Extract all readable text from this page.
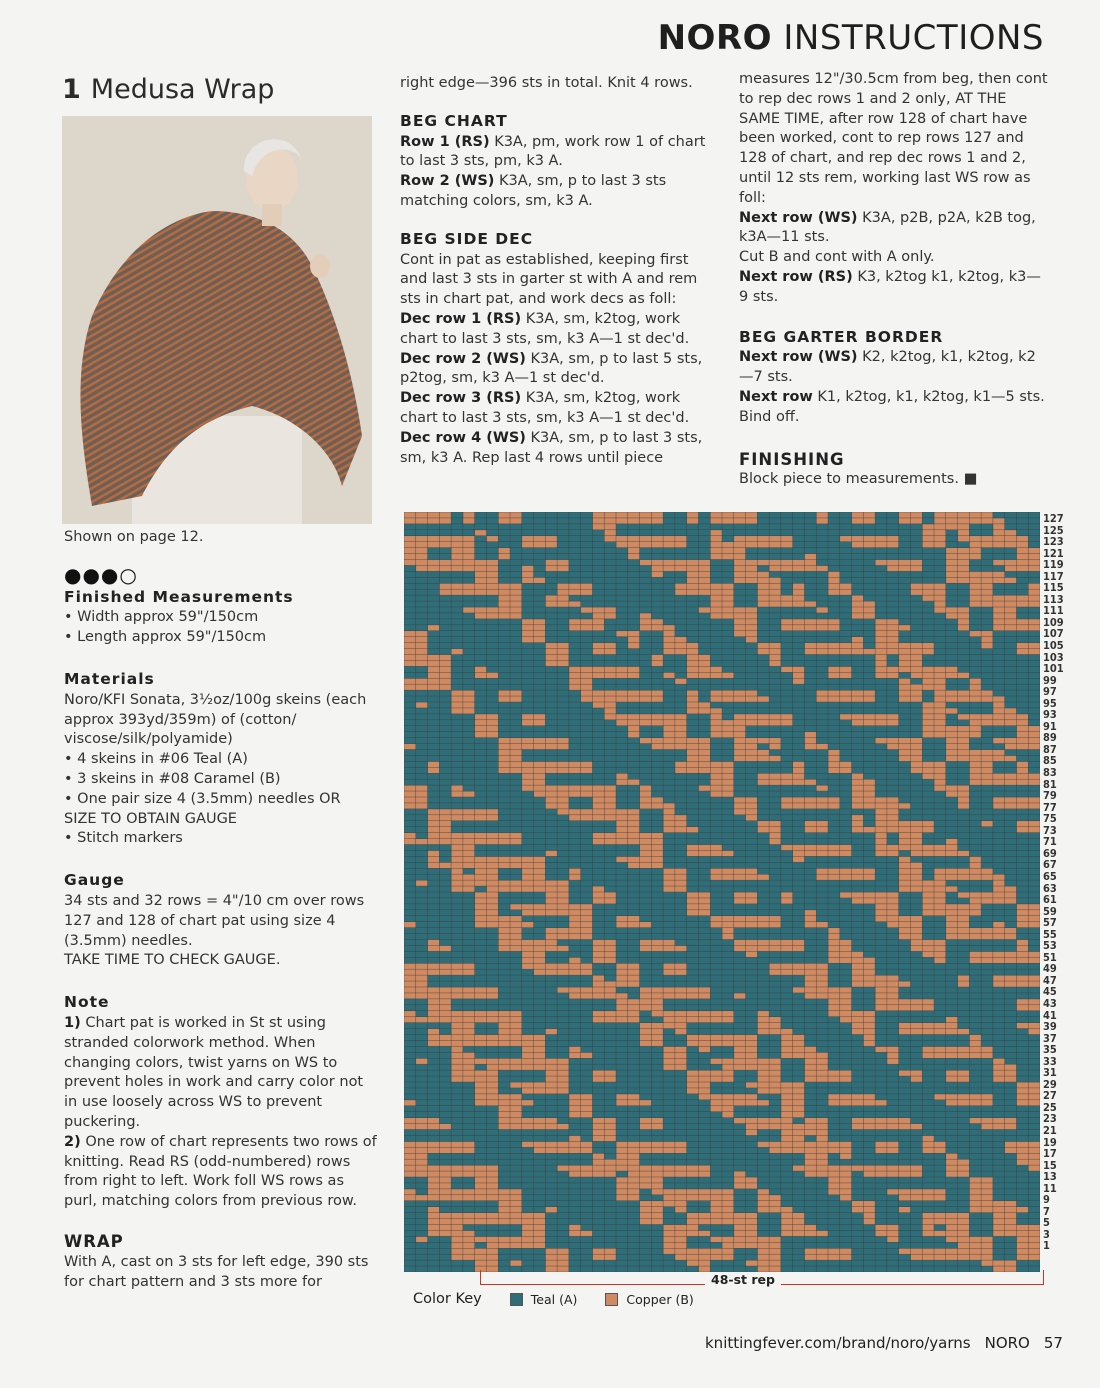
NORO INSTRUCTIONS
1 Medusa Wrap

Shown on page 12.

●●●○
Finished Measurements
• Width approx 59"/150cm
• Length approx 59"/150cm
Materials

Noro/KFI Sonata, 3½oz/100g skeins (each approx 393yd/359m) of (cotton/ viscose/silk/polyamide)

• 4 skeins in #06 Teal (A)
• 3 skeins in #08 Caramel (B)
• One pair size 4 (3.5mm) needles OR

SIZE TO OBTAIN GAUGE

• Stitch markers
Gauge

34 sts and 32 rows = 4"/10 cm over rows 127 and 128 of chart pat using size 4 (3.5mm) needles.

TAKE TIME TO CHECK GAUGE.

Note

1) Chart pat is worked in St st using stranded colorwork method. When changing colors, twist yarns on WS to prevent holes in work and carry color not in use loosely across WS to prevent puckering.

2) One row of chart represents two rows of knitting. Read RS (odd-numbered) rows from right to left. Work foll WS rows as purl, matching colors from previous row.

WRAP

With A, cast on 3 sts for left edge, 390 sts for chart pattern and 3 sts more for

right edge—396 sts in total. Knit 4 rows.

BEG CHART

Row 1 (RS) K3A, pm, work row 1 of chart to last 3 sts, pm, k3 A.

Row 2 (WS) K3A, sm, p to last 3 sts matching colors, sm, k3 A.

BEG SIDE DEC

Cont in pat as established, keeping first and last 3 sts in garter st with A and rem sts in chart pat, and work decs as foll:

Dec row 1 (RS) K3A, sm, k2tog, work chart to last 3 sts, sm, k3 A—1 st dec'd.

Dec row 2 (WS) K3A, sm, p to last 5 sts, p2tog, sm, k3 A—1 st dec'd.

Dec row 3 (RS) K3A, sm, k2tog, work chart to last 3 sts, sm, k3 A—1 st dec'd.

Dec row 4 (WS) K3A, sm, p to last 3 sts, sm, k3 A. Rep last 4 rows until piece

measures 12"/30.5cm from beg, then cont to rep dec rows 1 and 2 only, AT THE SAME TIME, after row 128 of chart have been worked, cont to rep rows 127 and 128 of chart, and rep dec rows 1 and 2, until 12 sts rem, working last WS row as foll:

Next row (WS) K3A, p2B, p2A, k2B tog, k3A—11 sts.

Cut B and cont with A only.

Next row (RS) K3, k2tog k1, k2tog, k3—9 sts.

BEG GARTER BORDER

Next row (WS) K2, k2tog, k1, k2tog, k2—7 sts.

Next row K1, k2tog, k1, k2tog, k1—5 sts. Bind off.

FINISHING

Block piece to measurements. ■

127
125
123
121
119
117
115
113
111
109
107
105
103
101
99
97
95
93
91
89
87
85
83
81
79
77
75
73
71
69
67
65
63
61
59
57
55
53
51
49
47
45
43
41
39
37
35
33
31
29
27
25
23
21
19
17
15
13
11
9
7
5
3
1
48-st rep
Color Key	Teal (A)	Copper (B)
knittingfever.com/brand/noro/yarns NORO 57
